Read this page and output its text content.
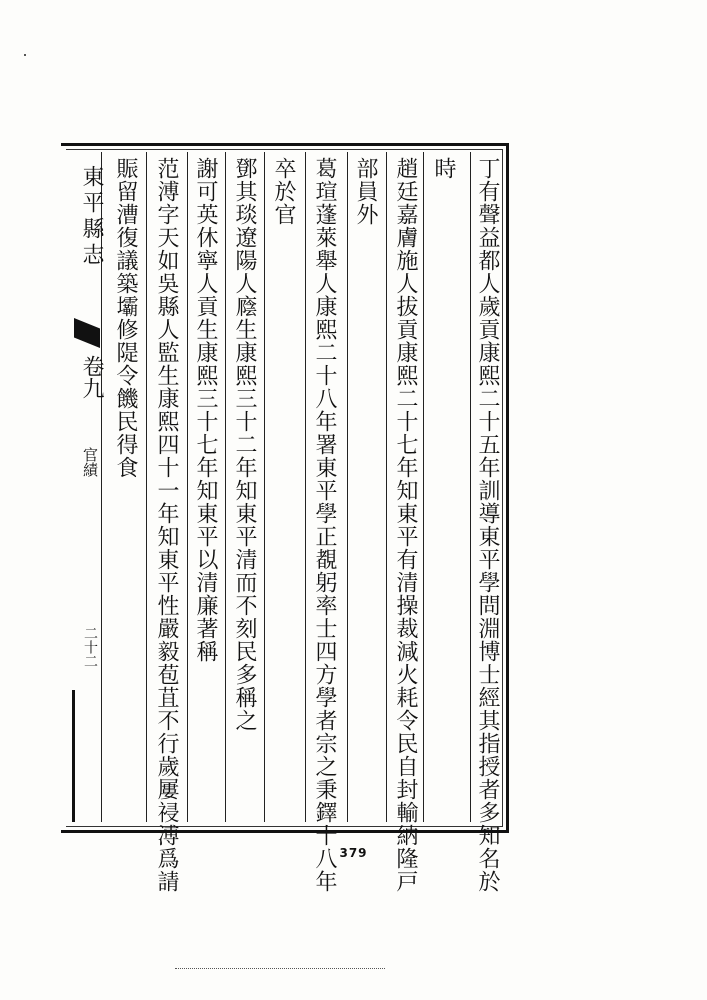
丁有聲益都人歲貢康熙二十五年訓導東平學問淵博士經其指授者多知名於
時
趙廷嘉膚施人拔貢康熙二十七年知東平有清操裁減火耗令民自封輸納隆戸
部員外
葛瑄蓬萊舉人康熙二十八年署東平學正覩躬率士四方學者宗之秉鐸十八年
卒於官
鄧其琰遼陽人廕生康熙三十二年知東平清而不刻民多稱之
謝可英休寧人貢生康熙三十七年知東平以清廉著稱
范溥字天如吳縣人監生康熙四十一年知東平性嚴毅苞苴不行歲屢祲溥爲請
賑留漕復議築壩修隄令饑民得食
東平縣志
卷九
官績
二十二
379
